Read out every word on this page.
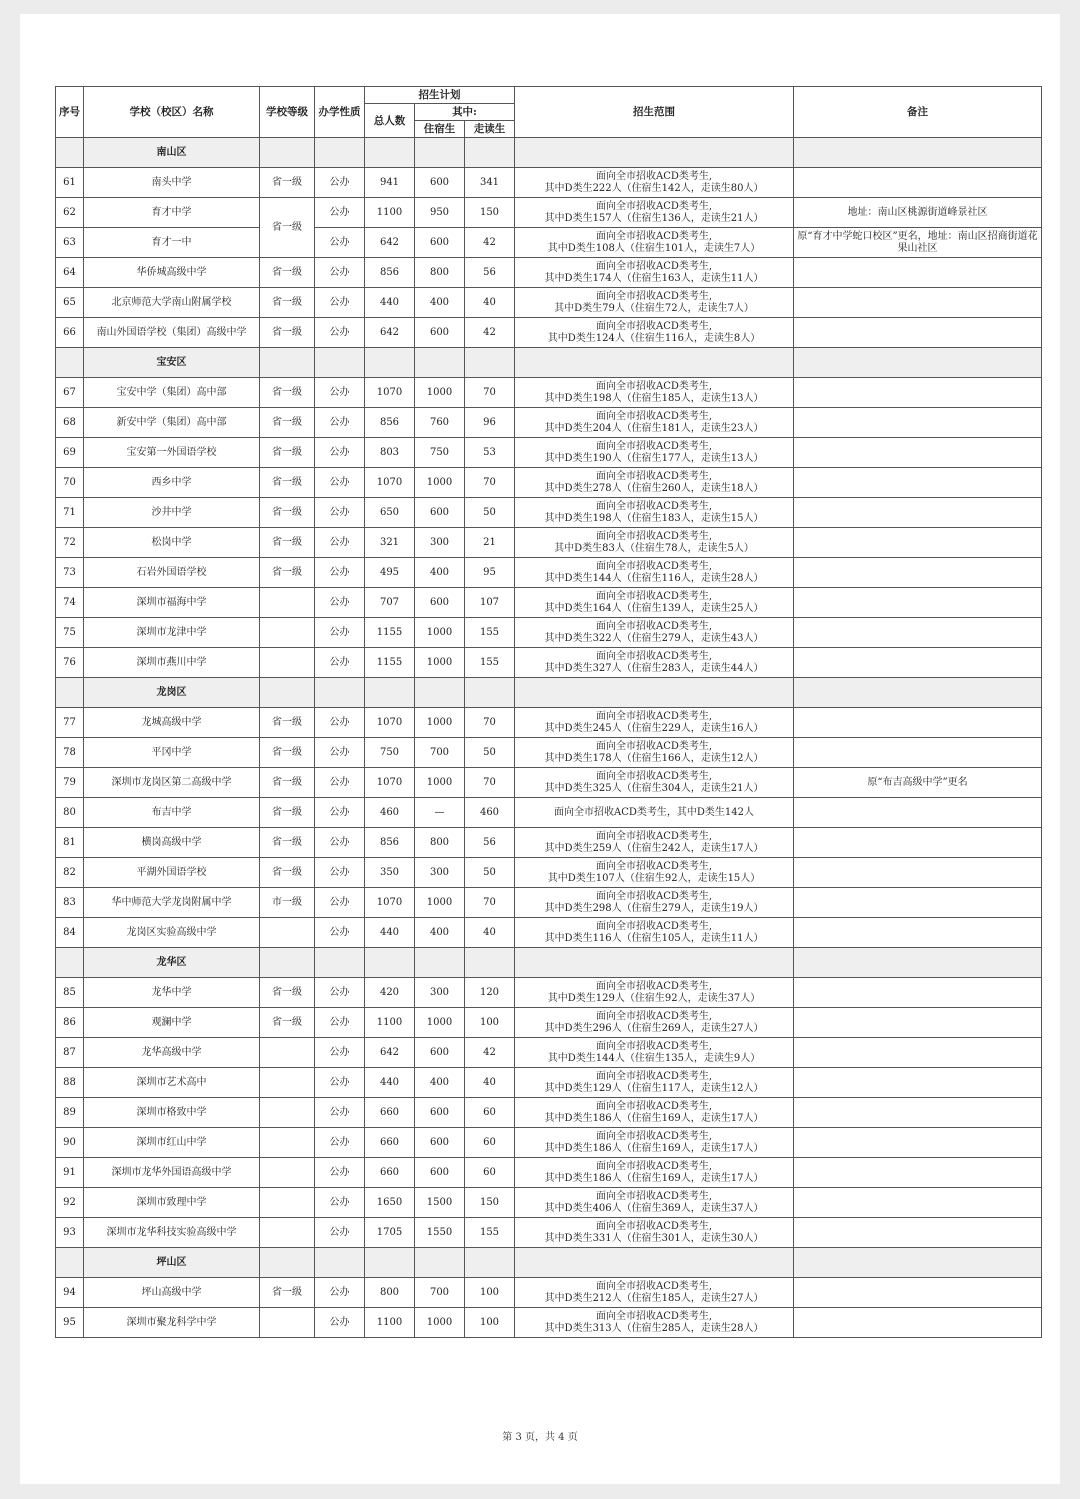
序号	学校（校区）名称	学校等级	办学性质	招生计划			招生范围	备注
				总人数	其中:			
					住宿生	走读生		
	南山区							
61	南头中学	省一级	公办	941	600	341	面向全市招收ACD类考生,
其中D类生222人（住宿生142人，走读生80人）	

62	育才中学	省一级	公办	1100	950	150	面向全市招收ACD类考生,
其中D类生157人（住宿生136人，走读生21人）	地址：南山区桃源街道峰景社区
63	育才一中		公办	642	600	42	面向全市招收ACD类考生,
其中D类生108人（住宿生101人，走读生7人）	原“育才中学蛇口校区”更名，地址：南山区招商街道花果山社区
64	华侨城高级中学	省一级	公办	856	800	56	面向全市招收ACD类考生,
其中D类生174人（住宿生163人，走读生11人）	

65	北京师范大学南山附属学校	省一级	公办	440	400	40	面向全市招收ACD类考生,
其中D类生79人（住宿生72人，走读生7人）	

66	南山外国语学校（集团）高级中学	省一级	公办	642	600	42	面向全市招收ACD类考生,
其中D类生124人（住宿生116人，走读生8人）	

	宝安区							
67	宝安中学（集团）高中部	省一级	公办	1070	1000	70	面向全市招收ACD类考生,
其中D类生198人（住宿生185人，走读生13人）	

68	新安中学（集团）高中部	省一级	公办	856	760	96	面向全市招收ACD类考生,
其中D类生204人（住宿生181人，走读生23人）	

69	宝安第一外国语学校	省一级	公办	803	750	53	面向全市招收ACD类考生,
其中D类生190人（住宿生177人，走读生13人）	

70	西乡中学	省一级	公办	1070	1000	70	面向全市招收ACD类考生,
其中D类生278人（住宿生260人，走读生18人）	

71	沙井中学	省一级	公办	650	600	50	面向全市招收ACD类考生,
其中D类生198人（住宿生183人，走读生15人）	

72	松岗中学	省一级	公办	321	300	21	面向全市招收ACD类考生,
其中D类生83人（住宿生78人，走读生5人）	

73	石岩外国语学校	省一级	公办	495	400	95	面向全市招收ACD类考生,
其中D类生144人（住宿生116人，走读生28人）	

74	深圳市福海中学		公办	707	600	107	面向全市招收ACD类考生,
其中D类生164人（住宿生139人，走读生25人）	

75	深圳市龙津中学		公办	1155	1000	155	面向全市招收ACD类考生,
其中D类生322人（住宿生279人，走读生43人）	

76	深圳市燕川中学		公办	1155	1000	155	面向全市招收ACD类考生,
其中D类生327人（住宿生283人，走读生44人）	

	龙岗区							
77	龙城高级中学	省一级	公办	1070	1000	70	面向全市招收ACD类考生,
其中D类生245人（住宿生229人，走读生16人）	

78	平冈中学	省一级	公办	750	700	50	面向全市招收ACD类考生,
其中D类生178人（住宿生166人，走读生12人）	

79	深圳市龙岗区第二高级中学	省一级	公办	1070	1000	70	面向全市招收ACD类考生,
其中D类生325人（住宿生304人，走读生21人）	原“布吉高级中学”更名
80	布吉中学	省一级	公办	460	—	460	面向全市招收ACD类考生，其中D类生142人	

81	横岗高级中学	省一级	公办	856	800	56	面向全市招收ACD类考生,
其中D类生259人（住宿生242人，走读生17人）	

82	平湖外国语学校	省一级	公办	350	300	50	面向全市招收ACD类考生,
其中D类生107人（住宿生92人，走读生15人）	

83	华中师范大学龙岗附属中学	市一级	公办	1070	1000	70	面向全市招收ACD类考生,
其中D类生298人（住宿生279人，走读生19人）	

84	龙岗区实验高级中学		公办	440	400	40	面向全市招收ACD类考生,
其中D类生116人（住宿生105人，走读生11人）	

	龙华区							
85	龙华中学	省一级	公办	420	300	120	面向全市招收ACD类考生,
其中D类生129人（住宿生92人，走读生37人）	

86	观澜中学	省一级	公办	1100	1000	100	面向全市招收ACD类考生,
其中D类生296人（住宿生269人，走读生27人）	

87	龙华高级中学		公办	642	600	42	面向全市招收ACD类考生,
其中D类生144人（住宿生135人，走读生9人）	

88	深圳市艺术高中		公办	440	400	40	面向全市招收ACD类考生,
其中D类生129人（住宿生117人，走读生12人）	

89	深圳市格致中学		公办	660	600	60	面向全市招收ACD类考生,
其中D类生186人（住宿生169人，走读生17人）	

90	深圳市红山中学		公办	660	600	60	面向全市招收ACD类考生,
其中D类生186人（住宿生169人，走读生17人）	

91	深圳市龙华外国语高级中学		公办	660	600	60	面向全市招收ACD类考生,
其中D类生186人（住宿生169人，走读生17人）	

92	深圳市致理中学		公办	1650	1500	150	面向全市招收ACD类考生,
其中D类生406人（住宿生369人，走读生37人）	

93	深圳市龙华科技实验高级中学		公办	1705	1550	155	面向全市招收ACD类考生,
其中D类生331人（住宿生301人，走读生30人）	

	坪山区							
94	坪山高级中学	省一级	公办	800	700	100	面向全市招收ACD类考生,
其中D类生212人（住宿生185人，走读生27人）	

95	深圳市聚龙科学中学		公办	1100	1000	100	面向全市招收ACD类考生,
其中D类生313人（住宿生285人，走读生28人）	

第 3 页，共 4 页
